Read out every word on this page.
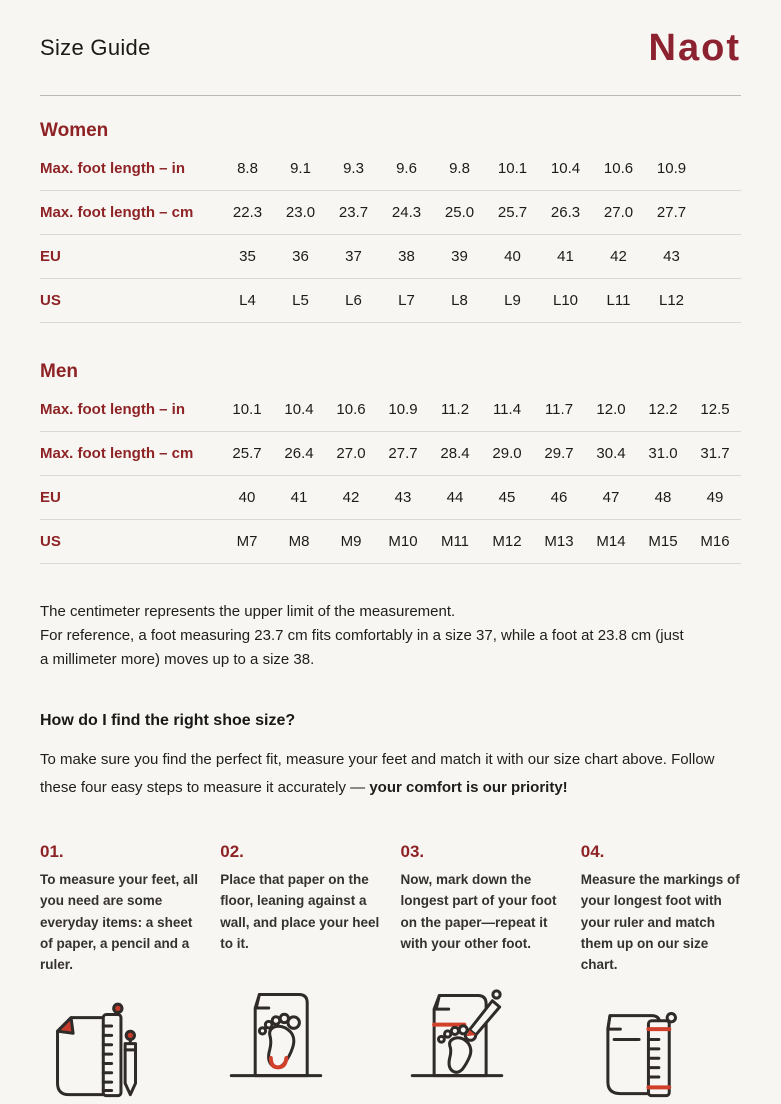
Size Guide	Naot
Women
Max. foot length – in	8.8	9.1	9.3	9.6	9.8	10.1	10.4	10.6	10.9
Max. foot length – cm	22.3	23.0	23.7	24.3	25.0	25.7	26.3	27.0	27.7
EU	35	36	37	38	39	40	41	42	43
US	L4	L5	L6	L7	L8	L9	L10	L11	L12
Men
Max. foot length – in	10.1	10.4	10.6	10.9	11.2	11.4	11.7	12.0	12.2	12.5
Max. foot length – cm	25.7	26.4	27.0	27.7	28.4	29.0	29.7	30.4	31.0	31.7
EU	40	41	42	43	44	45	46	47	48	49
US	M7	M8	M9	M10	M11	M12	M13	M14	M15	M16

The centimeter represents the upper limit of the measurement.

For reference, a foot measuring 23.7 cm fits comfortably in a size 37, while a foot at 23.8 cm (just a millimeter more) moves up to a size 38.

How do I find the right shoe size?

To make sure you find the perfect fit, measure your feet and match it with our size chart above. Follow these four easy steps to measure it accurately — your comfort is our priority!

01.
To measure your feet, all you need are some everyday items: a sheet of paper, a pencil and a ruler.
02.
Place that paper on the floor, leaning against a wall, and place your heel to it.
03.
Now, mark down the longest part of your foot on the paper—repeat it with your other foot.
04.
Measure the markings of your longest foot with your ruler and match them up on our size chart.
